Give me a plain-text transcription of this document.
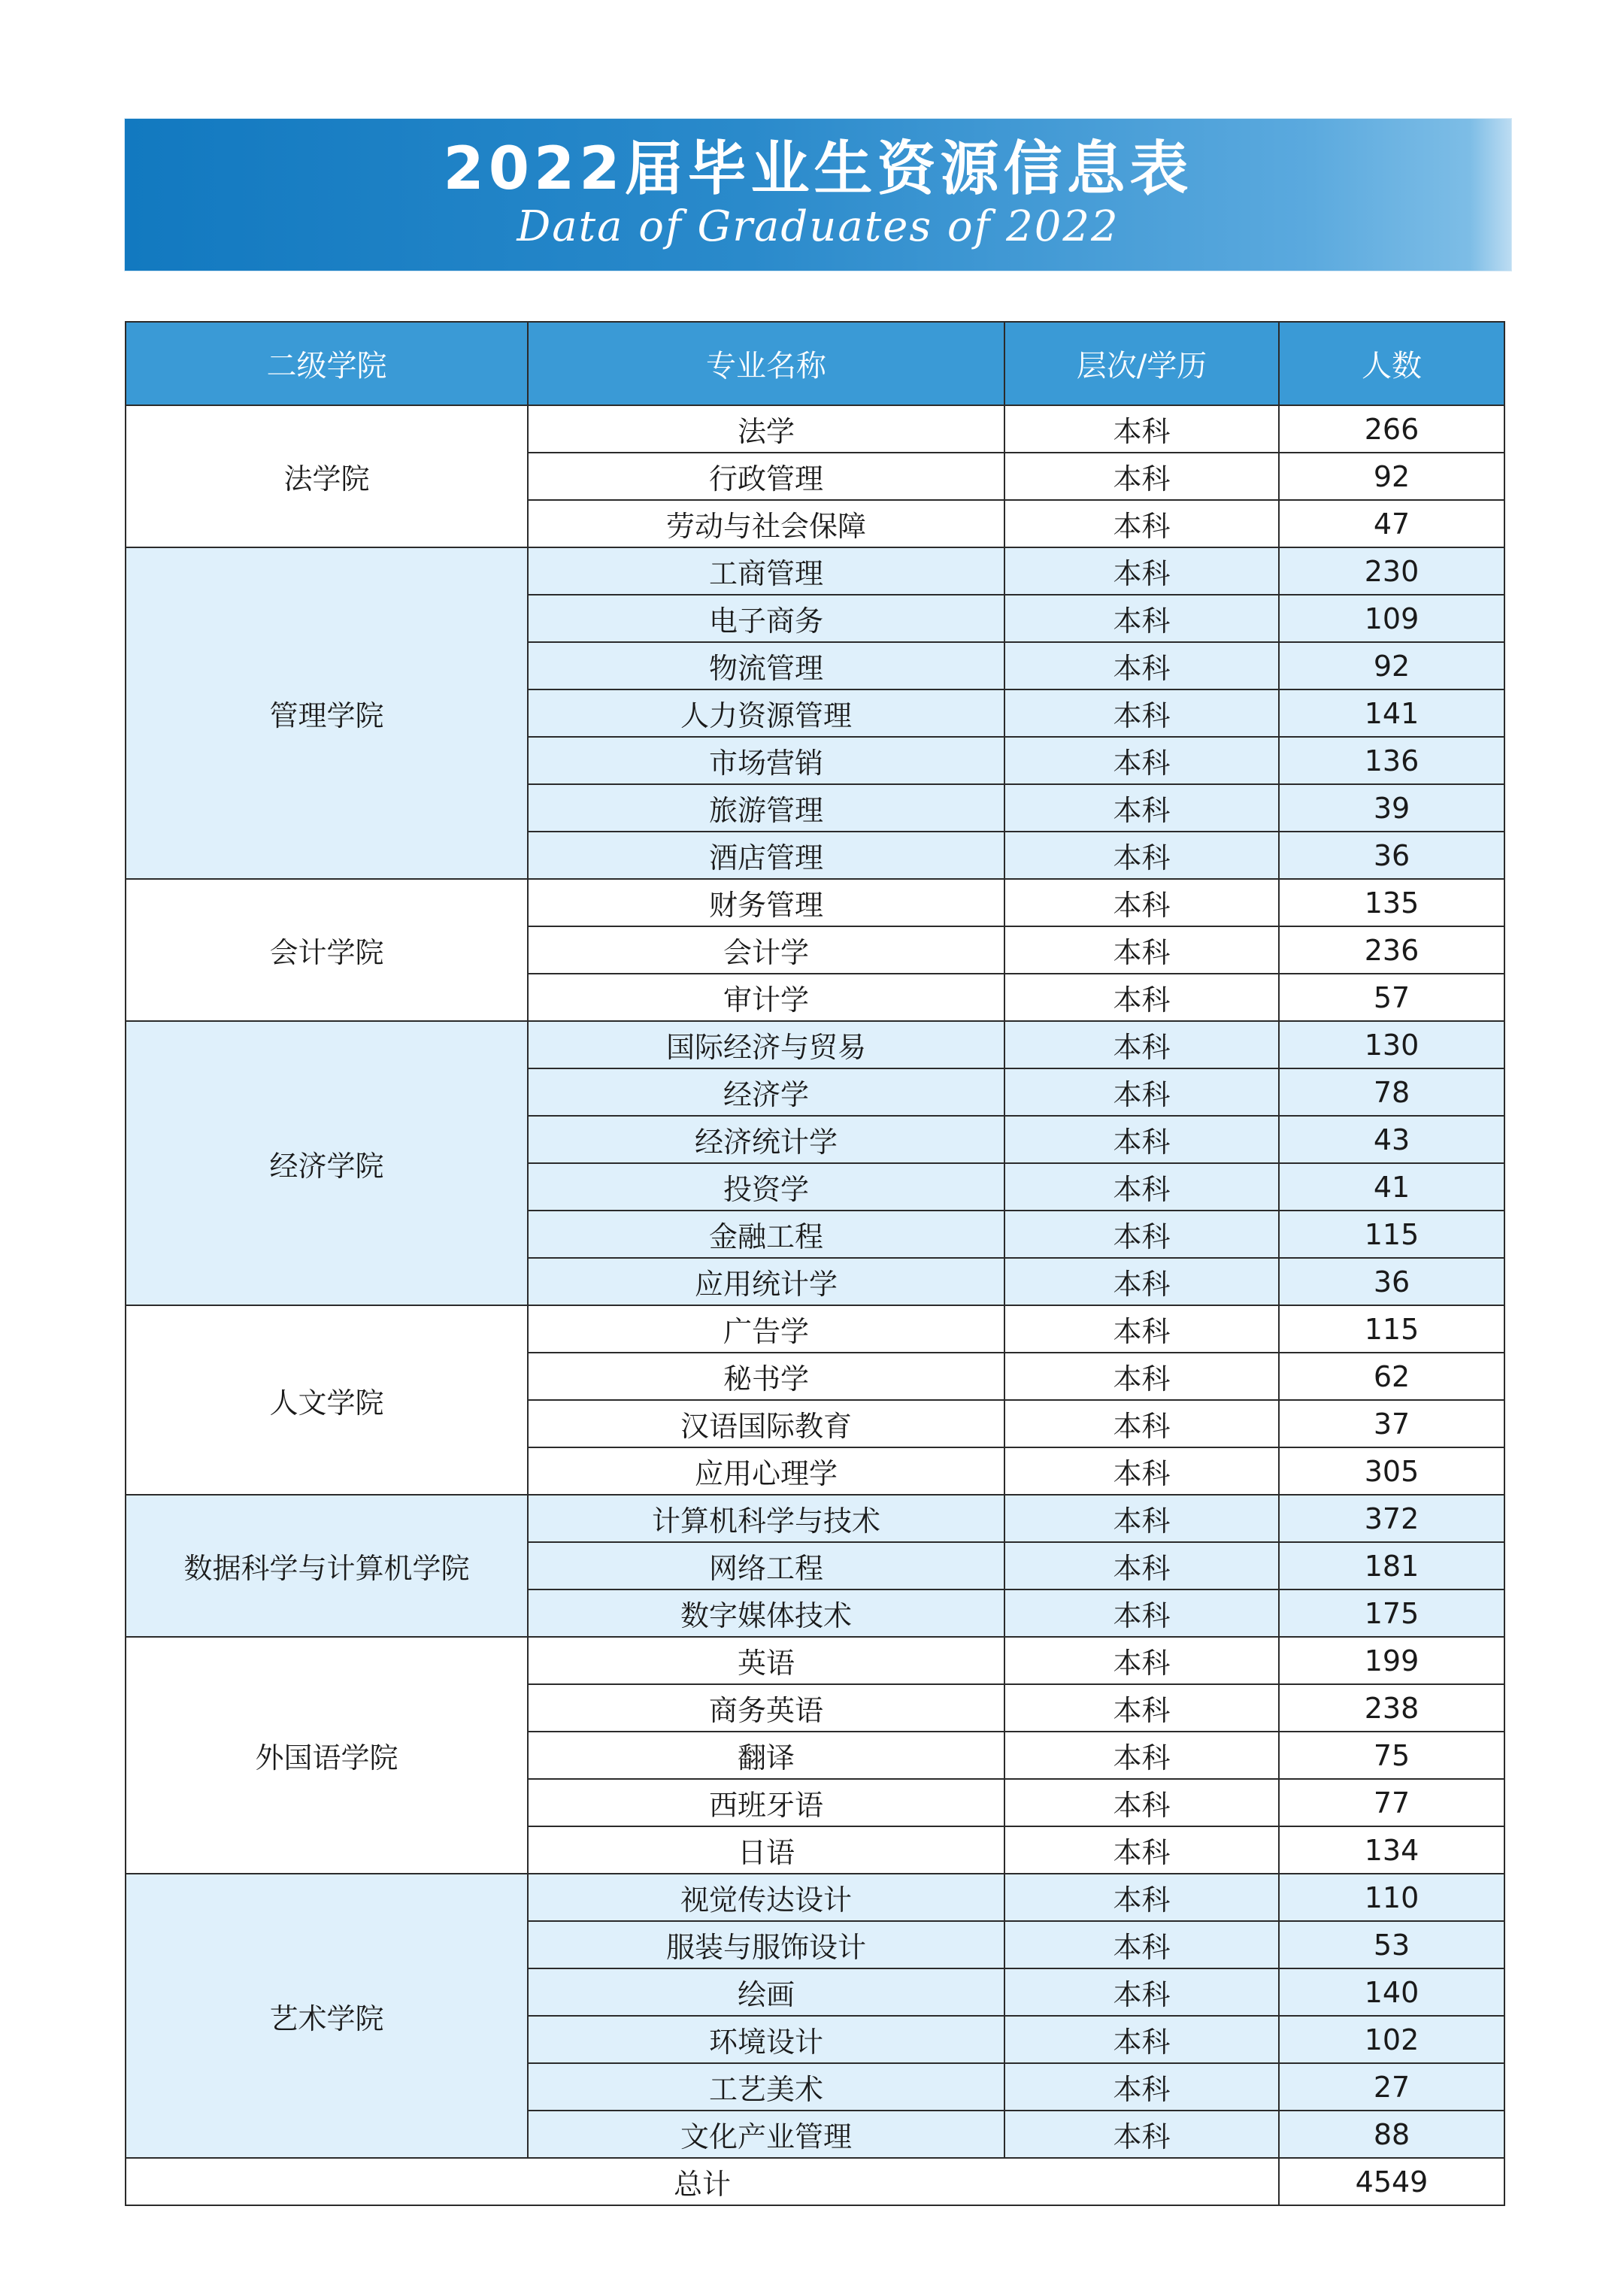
2022届毕业生资源信息表
Data of Graduates of 2022
二级学院	专业名称	层次/学历	人数
法学院	法学	本科	266
	行政管理	本科	92
	劳动与社会保障	本科	47
管理学院	工商管理	本科	230
	电子商务	本科	109
	物流管理	本科	92
	人力资源管理	本科	141
	市场营销	本科	136
	旅游管理	本科	39
	酒店管理	本科	36
会计学院	财务管理	本科	135
	会计学	本科	236
	审计学	本科	57
经济学院	国际经济与贸易	本科	130
	经济学	本科	78
	经济统计学	本科	43
	投资学	本科	41
	金融工程	本科	115
	应用统计学	本科	36
人文学院	广告学	本科	115
	秘书学	本科	62
	汉语国际教育	本科	37
	应用心理学	本科	305
数据科学与计算机学院	计算机科学与技术	本科	372
	网络工程	本科	181
	数字媒体技术	本科	175
外国语学院	英语	本科	199
	商务英语	本科	238
	翻译	本科	75
	西班牙语	本科	77
	日语	本科	134
艺术学院	视觉传达设计	本科	110
	服装与服饰设计	本科	53
	绘画	本科	140
	环境设计	本科	102
	工艺美术	本科	27
	文化产业管理	本科	88
总计			4549
